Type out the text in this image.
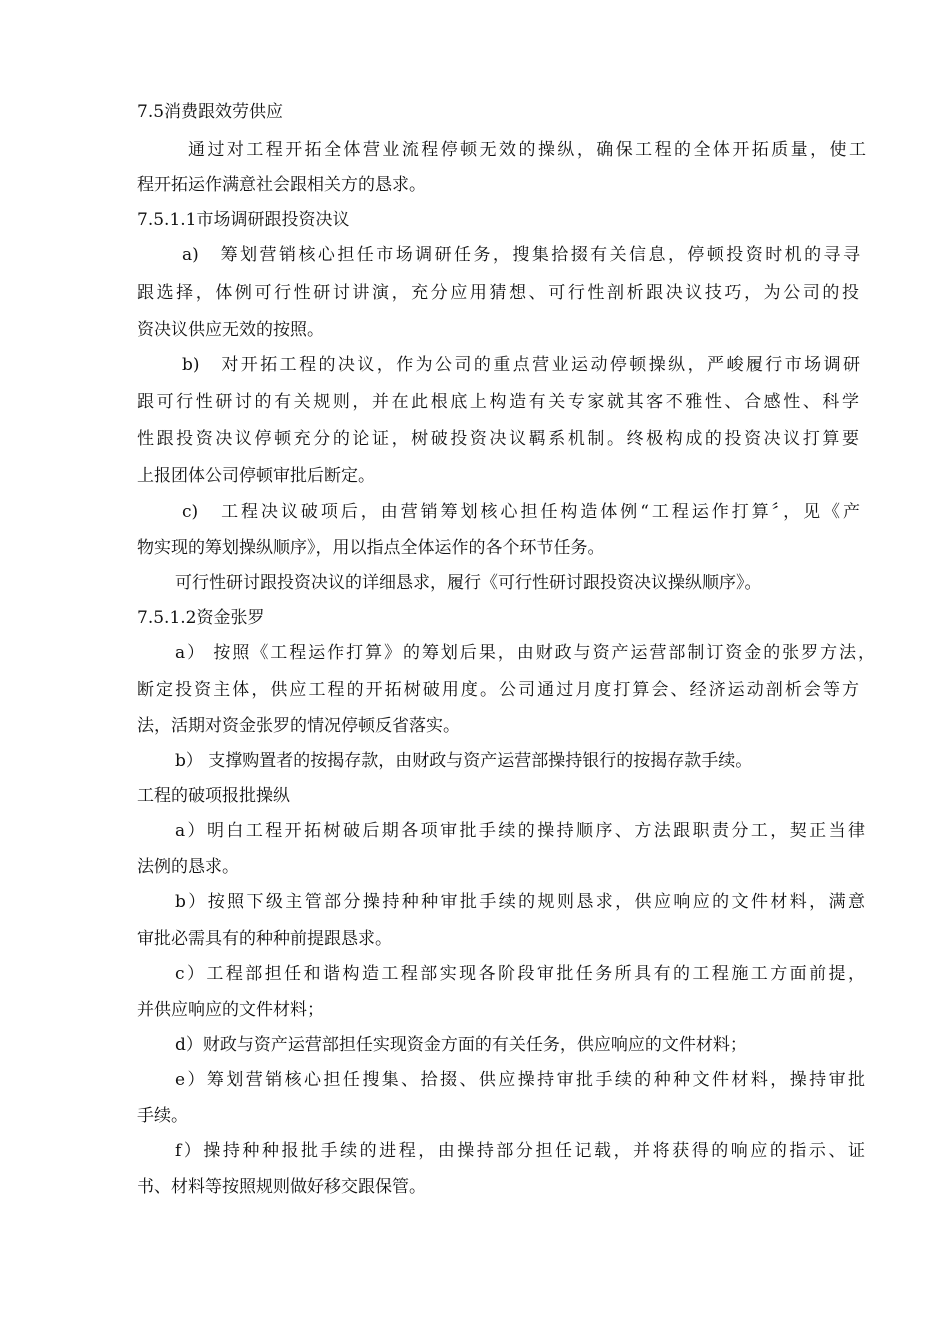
7.5消费跟效劳供应

通过对工程开拓全体营业流程停顿无效的操纵，确保工程的全体开拓质量，使工

程开拓运作满意社会跟相关方的恳求。

7.5.1.1市场调研跟投资决议

a)　筹划营销核心担任市场调研任务，搜集拾掇有关信息，停顿投资时机的寻寻

跟选择，体例可行性研讨讲演，充分应用猜想、可行性剖析跟决议技巧，为公司的投

资决议供应无效的按照。

b)　对开拓工程的决议，作为公司的重点营业运动停顿操纵，严峻履行市场调研

跟可行性研讨的有关规则，并在此根底上构造有关专家就其客不雅性、合感性、科学

性跟投资决议停顿充分的论证，树破投资决议羁系机制。终极构成的投资决议打算要

上报团体公司停顿审批后断定。

c)　工程决议破项后，由营销筹划核心担任构造体例“工程运作打算〞，见《产

物实现的筹划操纵顺序》，用以指点全体运作的各个环节任务。

可行性研讨跟投资决议的详细恳求，履行《可行性研讨跟投资决议操纵顺序》。

7.5.1.2资金张罗

a） 按照《工程运作打算》的筹划后果，由财政与资产运营部制订资金的张罗方法，

断定投资主体，供应工程的开拓树破用度。公司通过月度打算会、经济运动剖析会等方

法，活期对资金张罗的情况停顿反省落实。

b） 支撑购置者的按揭存款，由财政与资产运营部操持银行的按揭存款手续。

工程的破项报批操纵

a）明白工程开拓树破后期各项审批手续的操持顺序、方法跟职责分工，契正当律

法例的恳求。

b）按照下级主管部分操持种种审批手续的规则恳求，供应响应的文件材料，满意

审批必需具有的种种前提跟恳求。

c）工程部担任和谐构造工程部实现各阶段审批任务所具有的工程施工方面前提，

并供应响应的文件材料；

d）财政与资产运营部担任实现资金方面的有关任务，供应响应的文件材料；

e）筹划营销核心担任搜集、拾掇、供应操持审批手续的种种文件材料，操持审批

手续。

f）操持种种报批手续的进程，由操持部分担任记载，并将获得的响应的指示、证

书、材料等按照规则做好移交跟保管。
